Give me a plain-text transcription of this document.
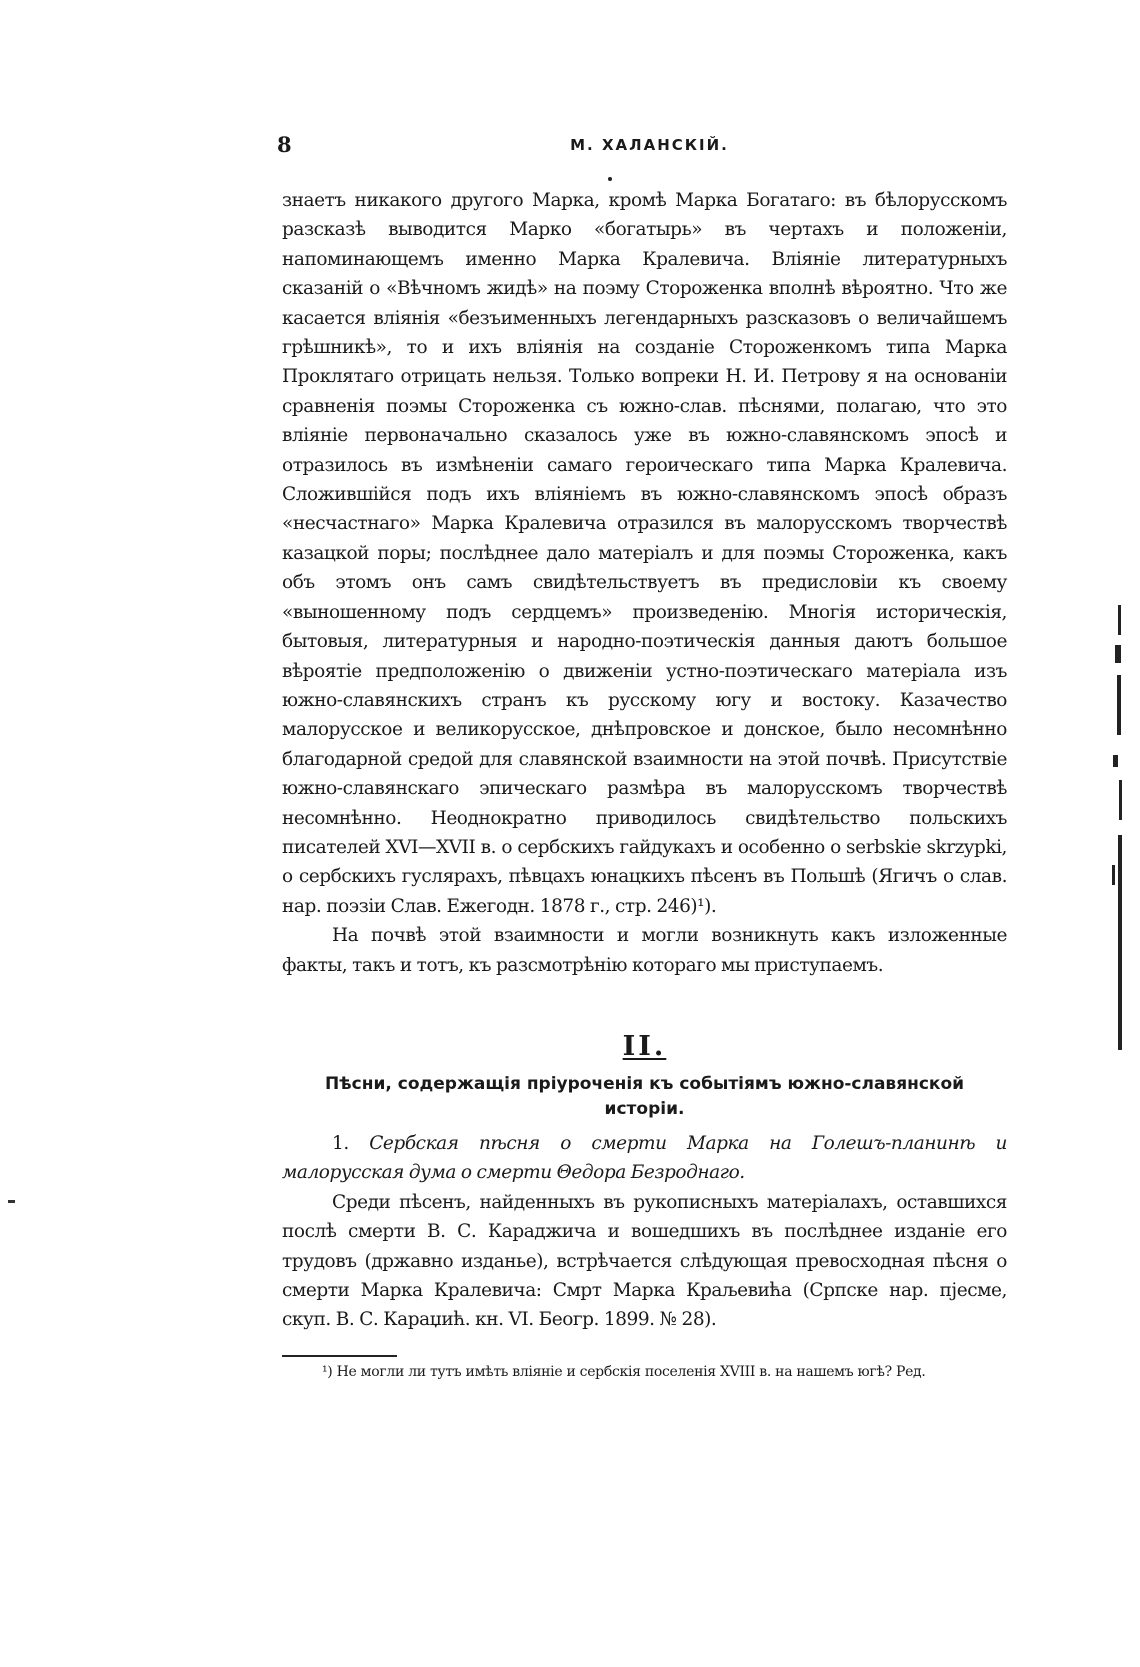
8	М. ХАЛАНСКІЙ.

знаетъ никакого другого Марка, кромѣ Марка Богатаго: въ бѣлорусскомъ разсказѣ выводится Марко «богатырь» въ чертахъ и положеніи, напоминающемъ именно Марка Кралевича. Вліяніе литературныхъ сказаній о «Вѣчномъ жидѣ» на поэму Стороженка вполнѣ вѣроятно. Что же касается вліянія «безъименныхъ легендарныхъ разсказовъ о величайшемъ грѣшникѣ», то и ихъ вліянія на созданіе Стороженкомъ типа Марка Проклятаго отрицать нельзя. Только вопреки Н. И. Петрову я на основаніи сравненія поэмы Стороженка съ южно-слав. пѣснями, полагаю, что это вліяніе первоначально сказалось уже въ южно-славянскомъ эпосѣ и отразилось въ измѣненіи самаго героическаго типа Марка Кралевича. Сложившійся подъ ихъ вліяніемъ въ южно-славянскомъ эпосѣ образъ «несчастнаго» Марка Кралевича отразился въ малорусскомъ творчествѣ казацкой поры; послѣднее дало матеріалъ и для поэмы Стороженка, какъ объ этомъ онъ самъ свидѣтельствуетъ въ предисловіи къ своему «выношенному подъ сердцемъ» произведенію. Многія историческія, бытовыя, литературныя и народно-поэтическія данныя даютъ большое вѣроятіе предположенію о движеніи устно-поэтическаго матеріала изъ южно-славянскихъ странъ къ русскому югу и востоку. Казачество малорусское и великорусское, днѣпровское и донское, было несомнѣнно благодарной средой для славянской взаимности на этой почвѣ. Присутствіе южно-славянскаго эпическаго размѣра въ малорусскомъ творчествѣ несомнѣнно. Неоднократно приводилось свидѣтельство польскихъ писателей XVI—XVII в. о сербскихъ гайдукахъ и особенно о serbskie skrzypki, о сербскихъ гуслярахъ, пѣвцахъ юнацкихъ пѣсенъ въ Польшѣ (Ягичъ о слав. нар. поэзіи Слав. Ежегодн. 1878 г., стр. 246)¹).

На почвѣ этой взаимности и могли возникнуть какъ изложенные факты, такъ и тотъ, къ разсмотрѣнію котораго мы приступаемъ.

II.
Пѣсни, содержащія пріуроченія къ событіямъ южно-славянской исторіи.

1. Сербская пѣсня о смерти Марка на Голешъ-планинѣ и малорусская дума о смерти Θедора Безроднаго.

Среди пѣсенъ, найденныхъ въ рукописныхъ матеріалахъ, оставшихся послѣ смерти В. С. Караджича и вошедшихъ въ послѣднее изданіе его трудовъ (државно изданье), встрѣчается слѣдующая превосходная пѣсня о смерти Марка Кралевича: Смрт Марка Краљевића (Српске нар. пјесме, скуп. В. С. Караџић. кн. VI. Беогр. 1899. № 28).

¹) Не могли ли тутъ имѣть вліяніе и сербскія поселенія XVIII в. на нашемъ югѣ? Ред.
